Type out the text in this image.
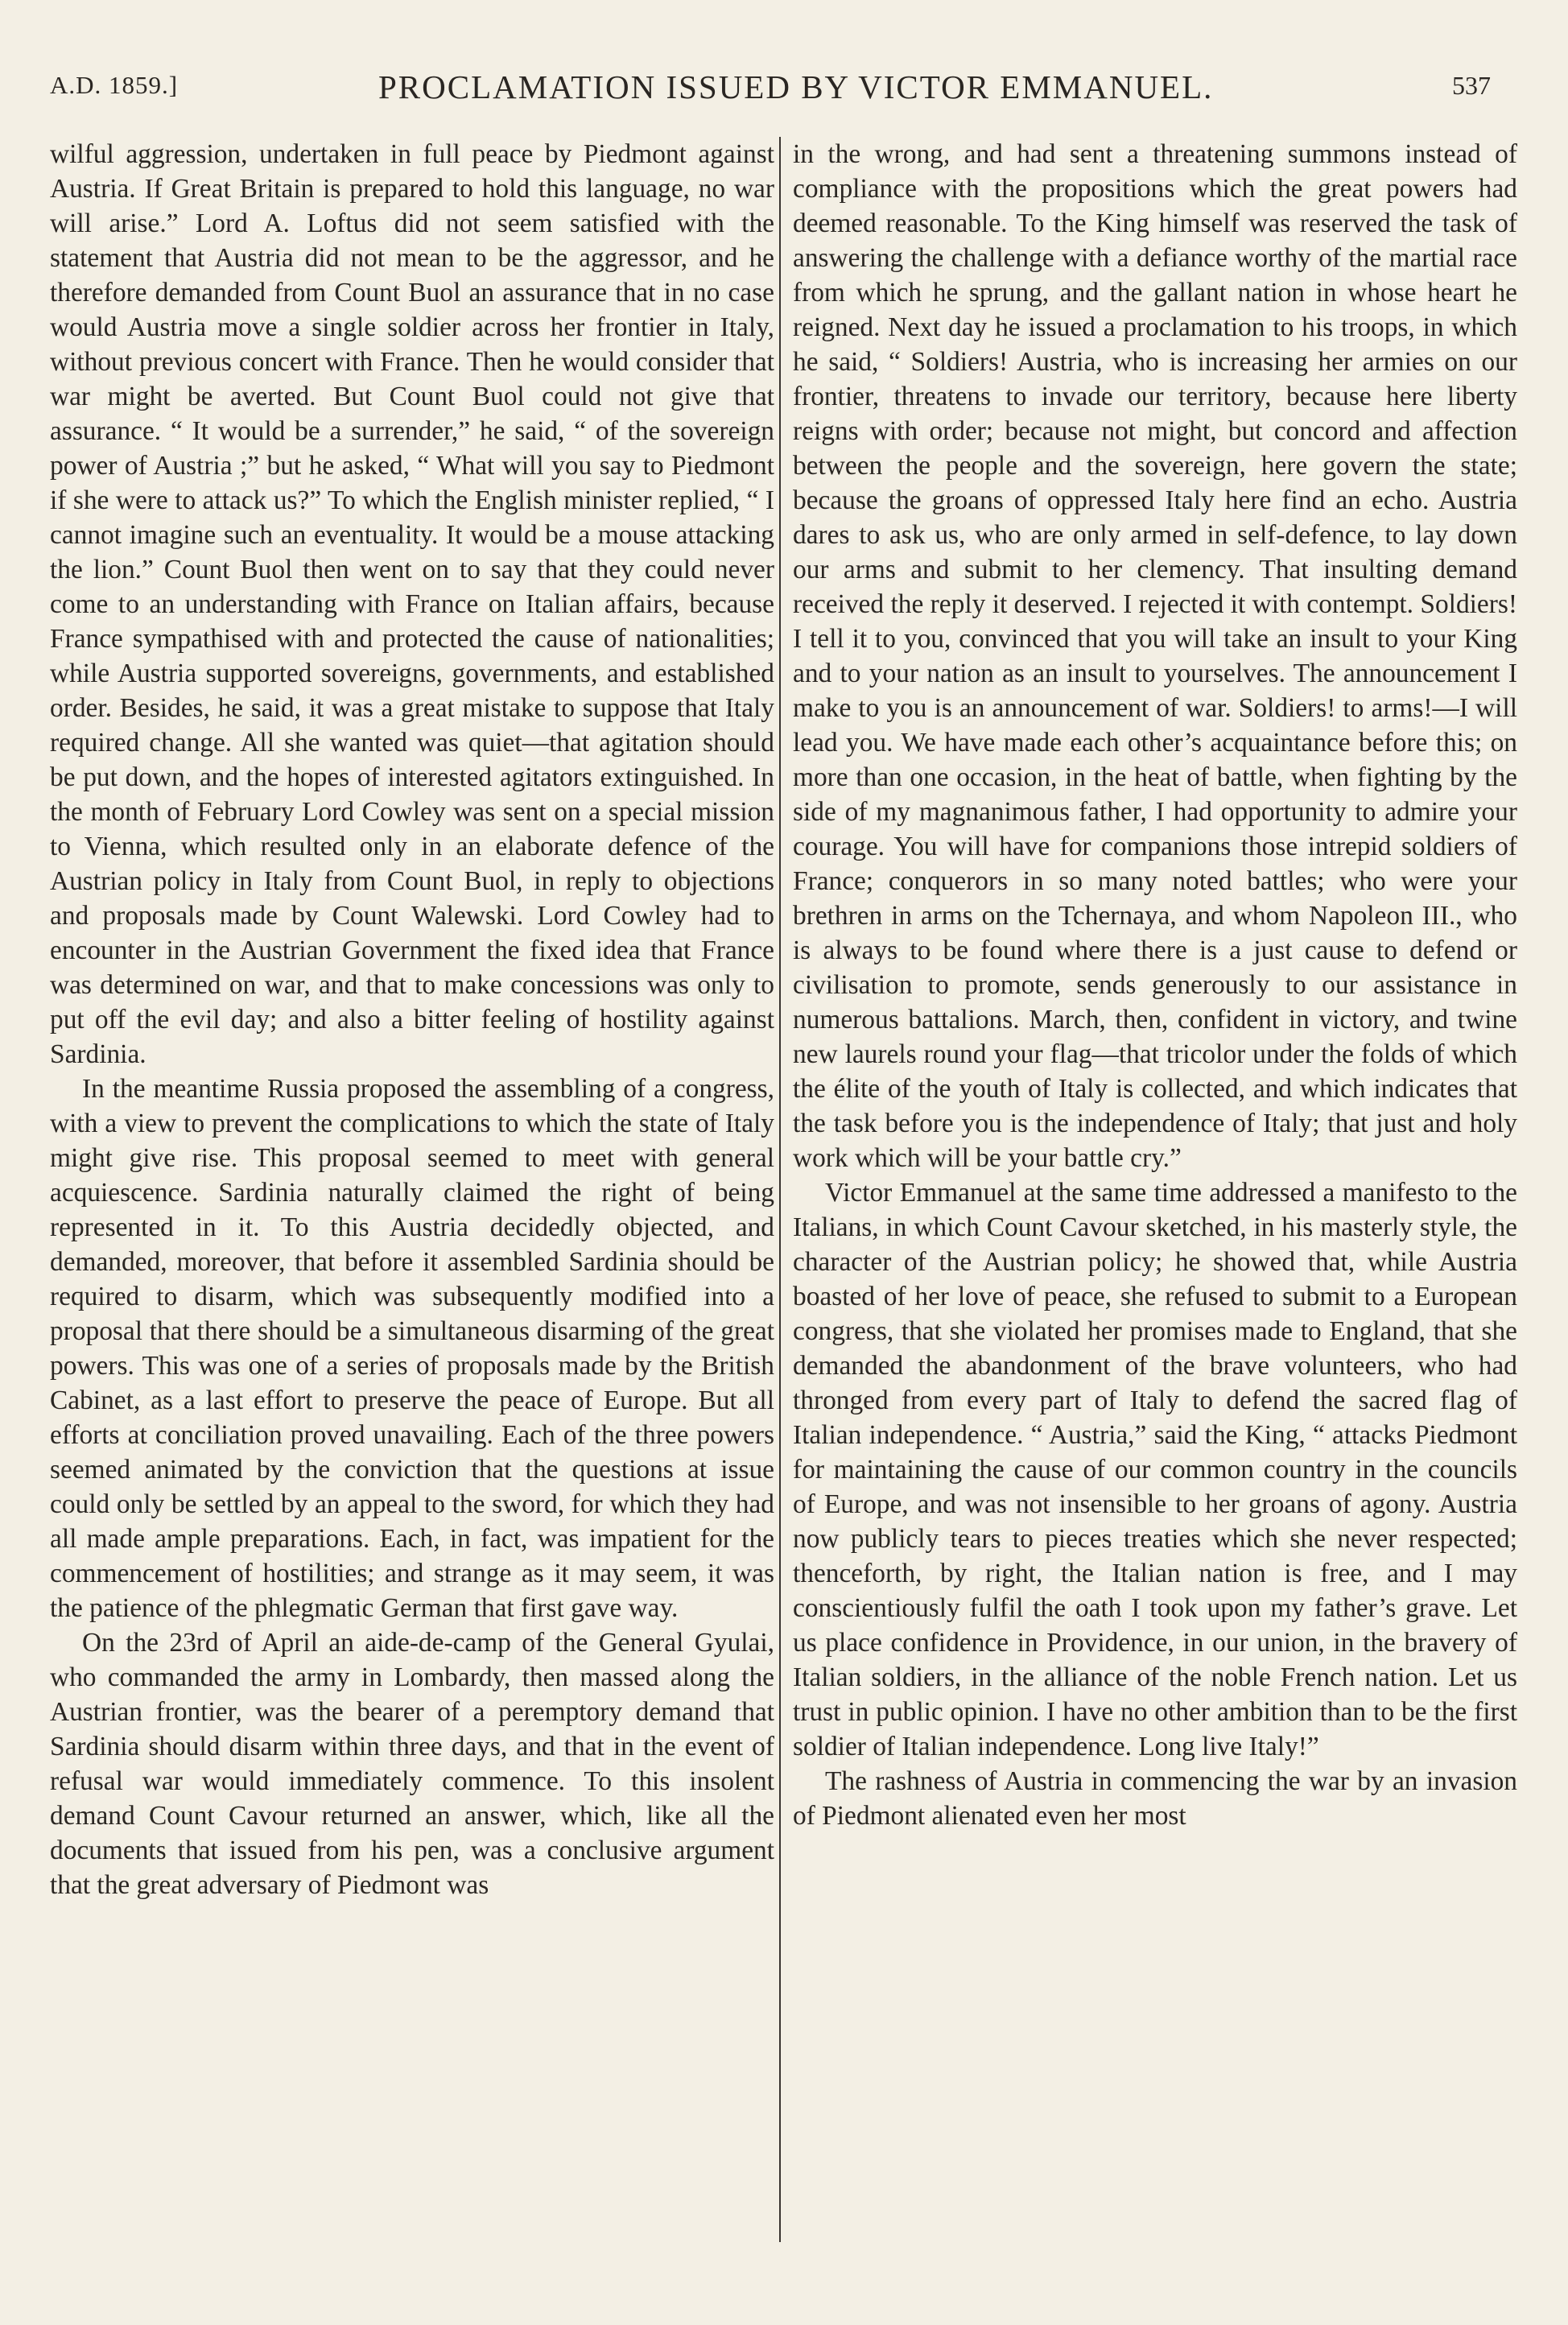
A.D. 1859.]	PROCLAMATION ISSUED BY VICTOR EMMANUEL.	537

wilful aggression, undertaken in full peace by Piedmont against Austria. If Great Britain is prepared to hold this language, no war will arise.” Lord A. Loftus did not seem satisfied with the statement that Austria did not mean to be the aggressor, and he therefore demanded from Count Buol an assurance that in no case would Austria move a single soldier across her frontier in Italy, without previous concert with France. Then he would consider that war might be averted. But Count Buol could not give that assurance. “ It would be a surrender,” he said, “ of the sovereign power of Austria ;” but he asked, “ What will you say to Piedmont if she were to attack us?” To which the English minister replied, “ I cannot imagine such an eventuality. It would be a mouse attacking the lion.” Count Buol then went on to say that they could never come to an understanding with France on Italian affairs, because France sympathised with and protected the cause of nationalities; while Austria supported sovereigns, governments, and established order. Besides, he said, it was a great mistake to suppose that Italy required change. All she wanted was quiet—that agitation should be put down, and the hopes of interested agitators extinguished. In the month of February Lord Cowley was sent on a special mission to Vienna, which resulted only in an elaborate defence of the Austrian policy in Italy from Count Buol, in reply to objections and proposals made by Count Walewski. Lord Cowley had to encounter in the Austrian Government the fixed idea that France was determined on war, and that to make concessions was only to put off the evil day; and also a bitter feeling of hostility against Sardinia.

In the meantime Russia proposed the assembling of a congress, with a view to prevent the complications to which the state of Italy might give rise. This proposal seemed to meet with general acquiescence. Sardinia naturally claimed the right of being represented in it. To this Austria decidedly objected, and demanded, moreover, that before it assembled Sardinia should be required to disarm, which was subsequently modified into a proposal that there should be a simultaneous disarming of the great powers. This was one of a series of proposals made by the British Cabinet, as a last effort to preserve the peace of Europe. But all efforts at conciliation proved unavailing. Each of the three powers seemed animated by the conviction that the questions at issue could only be settled by an appeal to the sword, for which they had all made ample preparations. Each, in fact, was impatient for the commencement of hostilities; and strange as it may seem, it was the patience of the phlegmatic German that first gave way.

On the 23rd of April an aide-de-camp of the General Gyulai, who commanded the army in Lombardy, then massed along the Austrian frontier, was the bearer of a peremptory demand that Sardinia should disarm within three days, and that in the event of refusal war would immediately commence. To this insolent demand Count Cavour returned an answer, which, like all the documents that issued from his pen, was a conclusive argument that the great adversary of Piedmont was

in the wrong, and had sent a threatening summons instead of compliance with the propositions which the great powers had deemed reasonable. To the King himself was reserved the task of answering the challenge with a defiance worthy of the martial race from which he sprung, and the gallant nation in whose heart he reigned. Next day he issued a proclamation to his troops, in which he said, “ Soldiers! Austria, who is increasing her armies on our frontier, threatens to invade our territory, because here liberty reigns with order; because not might, but concord and affection between the people and the sovereign, here govern the state; because the groans of oppressed Italy here find an echo. Austria dares to ask us, who are only armed in self-defence, to lay down our arms and submit to her clemency. That insulting demand received the reply it deserved. I rejected it with contempt. Soldiers! I tell it to you, convinced that you will take an insult to your King and to your nation as an insult to yourselves. The announcement I make to you is an announcement of war. Soldiers! to arms!—I will lead you. We have made each other’s acquaintance before this; on more than one occasion, in the heat of battle, when fighting by the side of my magnanimous father, I had opportunity to admire your courage. You will have for companions those intrepid soldiers of France; conquerors in so many noted battles; who were your brethren in arms on the Tchernaya, and whom Napoleon III., who is always to be found where there is a just cause to defend or civilisation to promote, sends generously to our assistance in numerous battalions. March, then, confident in victory, and twine new laurels round your flag—that tricolor under the folds of which the élite of the youth of Italy is collected, and which indicates that the task before you is the independence of Italy; that just and holy work which will be your battle cry.”

Victor Emmanuel at the same time addressed a manifesto to the Italians, in which Count Cavour sketched, in his masterly style, the character of the Austrian policy; he showed that, while Austria boasted of her love of peace, she refused to submit to a European congress, that she violated her promises made to England, that she demanded the abandonment of the brave volunteers, who had thronged from every part of Italy to defend the sacred flag of Italian independence. “ Austria,” said the King, “ attacks Piedmont for maintaining the cause of our common country in the councils of Europe, and was not insensible to her groans of agony. Austria now publicly tears to pieces treaties which she never respected; thenceforth, by right, the Italian nation is free, and I may conscientiously fulfil the oath I took upon my father’s grave. Let us place confidence in Providence, in our union, in the bravery of Italian soldiers, in the alliance of the noble French nation. Let us trust in public opinion. I have no other ambition than to be the first soldier of Italian independence. Long live Italy!”

The rashness of Austria in commencing the war by an invasion of Piedmont alienated even her most
